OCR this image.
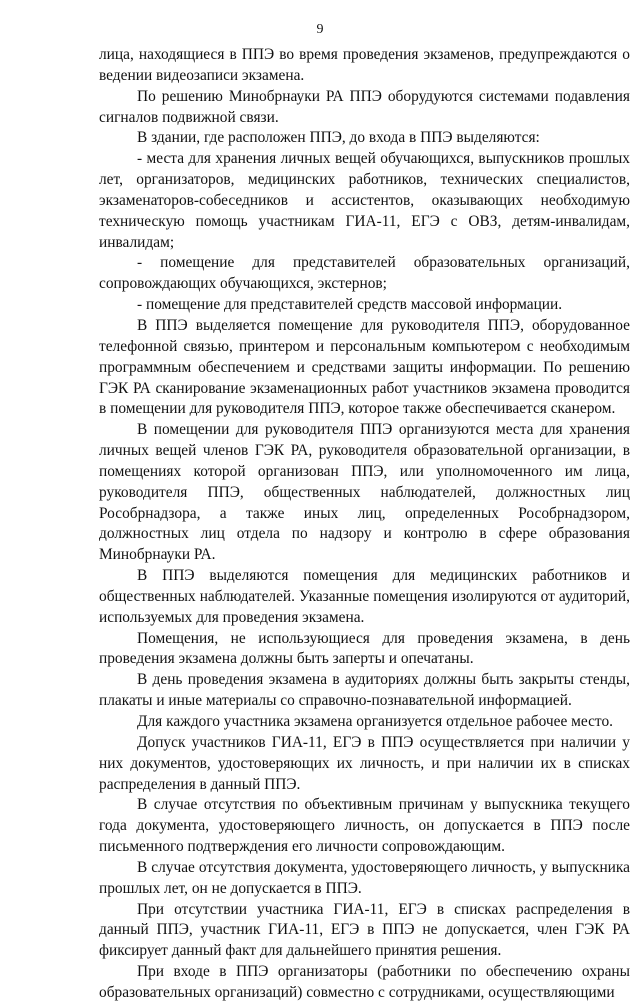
9

лица, находящиеся в ППЭ во время проведения экзаменов, предупреждаются о ведении видеозаписи экзамена.

По решению Минобрнауки РА ППЭ оборудуются системами подавления сигналов подвижной связи.

В здании, где расположен ППЭ, до входа в ППЭ выделяются:

- места для хранения личных вещей обучающихся, выпускников прошлых лет, организаторов, медицинских работников, технических специалистов, экзаменаторов-собеседников и ассистентов, оказывающих необходимую техническую помощь участникам ГИА-11, ЕГЭ с ОВЗ, детям-инвалидам, инвалидам;

- помещение для представителей образовательных организаций, сопровождающих обучающихся, экстернов;

- помещение для представителей средств массовой информации.

В ППЭ выделяется помещение для руководителя ППЭ, оборудованное телефонной связью, принтером и персональным компьютером с необходимым программным обеспечением и средствами защиты информации. По решению ГЭК РА сканирование экзаменационных работ участников экзамена проводится в помещении для руководителя ППЭ, которое также обеспечивается сканером.

В помещении для руководителя ППЭ организуются места для хранения личных вещей членов ГЭК РА, руководителя образовательной организации, в помещениях которой организован ППЭ, или уполномоченного им лица, руководителя ППЭ, общественных наблюдателей, должностных лиц Рособрнадзора, а также иных лиц, определенных Рособрнадзором, должностных лиц отдела по надзору и контролю в сфере образования Минобрнауки РА.

В ППЭ выделяются помещения для медицинских работников и общественных наблюдателей. Указанные помещения изолируются от аудиторий, используемых для проведения экзамена.

Помещения, не использующиеся для проведения экзамена, в день проведения экзамена должны быть заперты и опечатаны.

В день проведения экзамена в аудиториях должны быть закрыты стенды, плакаты и иные материалы со справочно-познавательной информацией.

Для каждого участника экзамена организуется отдельное рабочее место.

Допуск участников ГИА-11, ЕГЭ в ППЭ осуществляется при наличии у них документов, удостоверяющих их личность, и при наличии их в списках распределения в данный ППЭ.

В случае отсутствия по объективным причинам у выпускника текущего года документа, удостоверяющего личность, он допускается в ППЭ после письменного подтверждения его личности сопровождающим.

В случае отсутствия документа, удостоверяющего личность, у выпускника прошлых лет, он не допускается в ППЭ.

При отсутствии участника ГИА-11, ЕГЭ в списках распределения в данный ППЭ, участник ГИА-11, ЕГЭ в ППЭ не допускается, член ГЭК РА фиксирует данный факт для дальнейшего принятия решения.

При входе в ППЭ организаторы (работники по обеспечению охраны образовательных организаций) совместно с сотрудниками, осуществляющими
